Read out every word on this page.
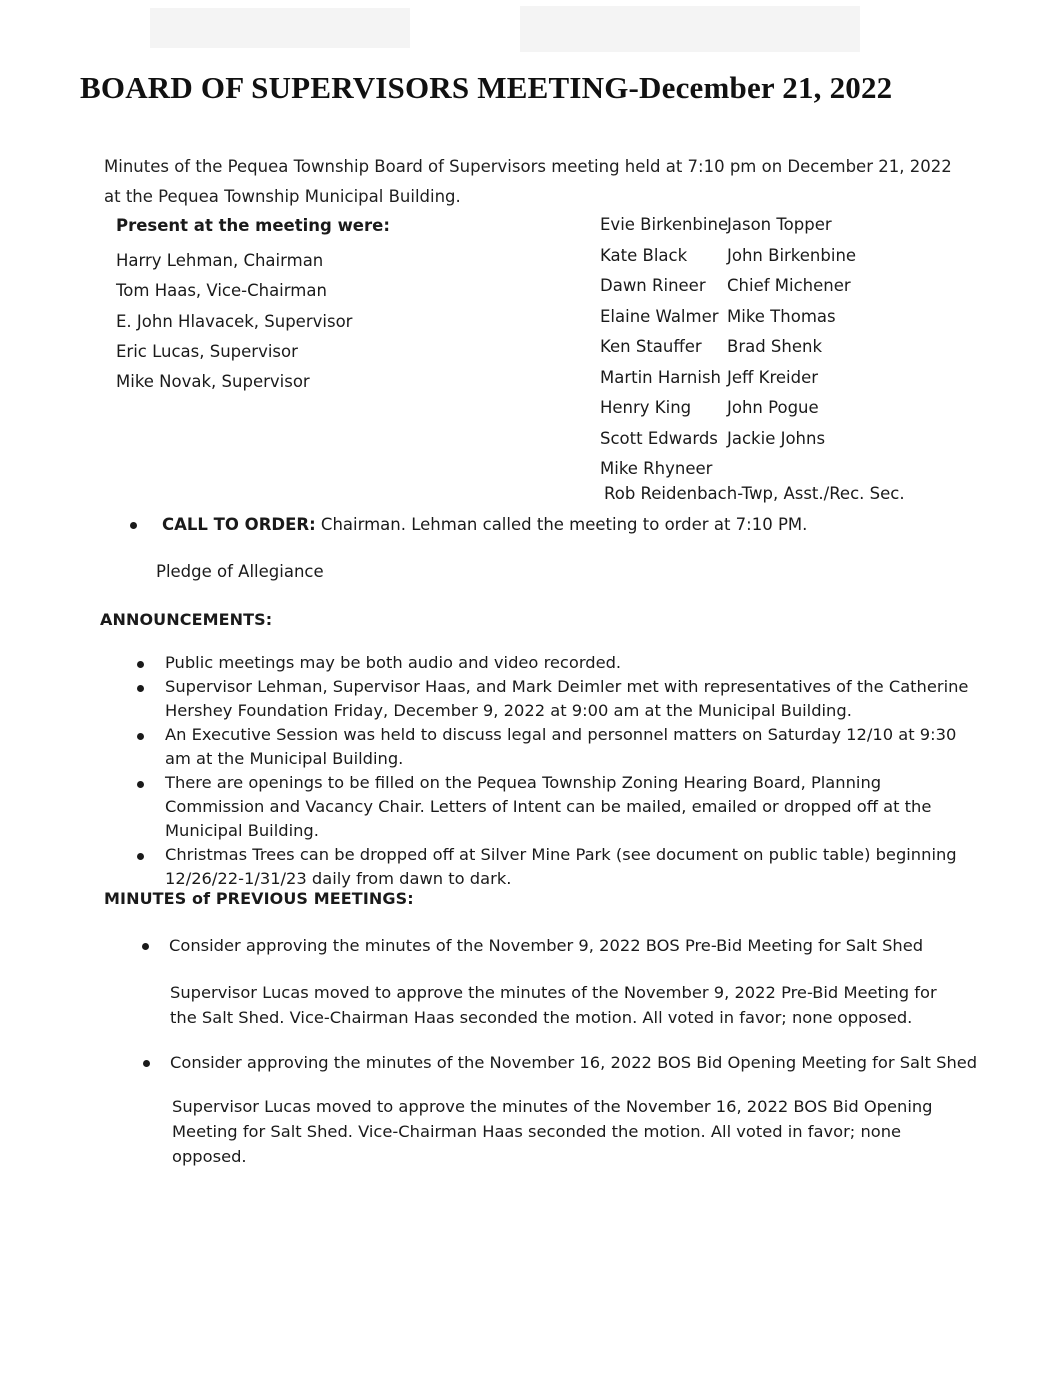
BOARD OF SUPERVISORS MEETING-December 21, 2022
Minutes of the Pequea Township Board of Supervisors meeting held at 7:10 pm on December 21, 2022 at the Pequea Township Municipal Building.
Present at the meeting were:
Harry Lehman, Chairman
Tom Haas, Vice-Chairman
E. John Hlavacek, Supervisor
Eric Lucas, Supervisor
Mike Novak, Supervisor
Evie BirkenbineJason Topper
Kate Black John Birkenbine
Dawn Rineer Chief Michener
Elaine Walmer Mike Thomas
Ken Stauffer Brad Shenk
Martin Harnish Jeff Kreider
Henry King John Pogue
Scott Edwards Jackie Johns
Mike Rhyneer
Rob Reidenbach-Twp, Asst./Rec. Sec.
CALL TO ORDER: Chairman. Lehman called the meeting to order at 7:10 PM.
Pledge of Allegiance
ANNOUNCEMENTS:
Public meetings may be both audio and video recorded.
Supervisor Lehman, Supervisor Haas, and Mark Deimler met with representatives of the Catherine Hershey Foundation Friday, December 9, 2022 at 9:00 am at the Municipal Building.
An Executive Session was held to discuss legal and personnel matters on Saturday 12/10 at 9:30 am at the Municipal Building.
There are openings to be filled on the Pequea Township Zoning Hearing Board, Planning Commission and Vacancy Chair. Letters of Intent can be mailed, emailed or dropped off at the Municipal Building.
Christmas Trees can be dropped off at Silver Mine Park (see document on public table) beginning 12/26/22-1/31/23 daily from dawn to dark.
MINUTES of PREVIOUS MEETINGS:
Consider approving the minutes of the November 9, 2022 BOS Pre-Bid Meeting for Salt Shed
Supervisor Lucas moved to approve the minutes of the November 9, 2022 Pre-Bid Meeting for the Salt Shed. Vice-Chairman Haas seconded the motion. All voted in favor; none opposed.
Consider approving the minutes of the November 16, 2022 BOS Bid Opening Meeting for Salt Shed
Supervisor Lucas moved to approve the minutes of the November 16, 2022 BOS Bid Opening Meeting for Salt Shed. Vice-Chairman Haas seconded the motion. All voted in favor; none opposed.
